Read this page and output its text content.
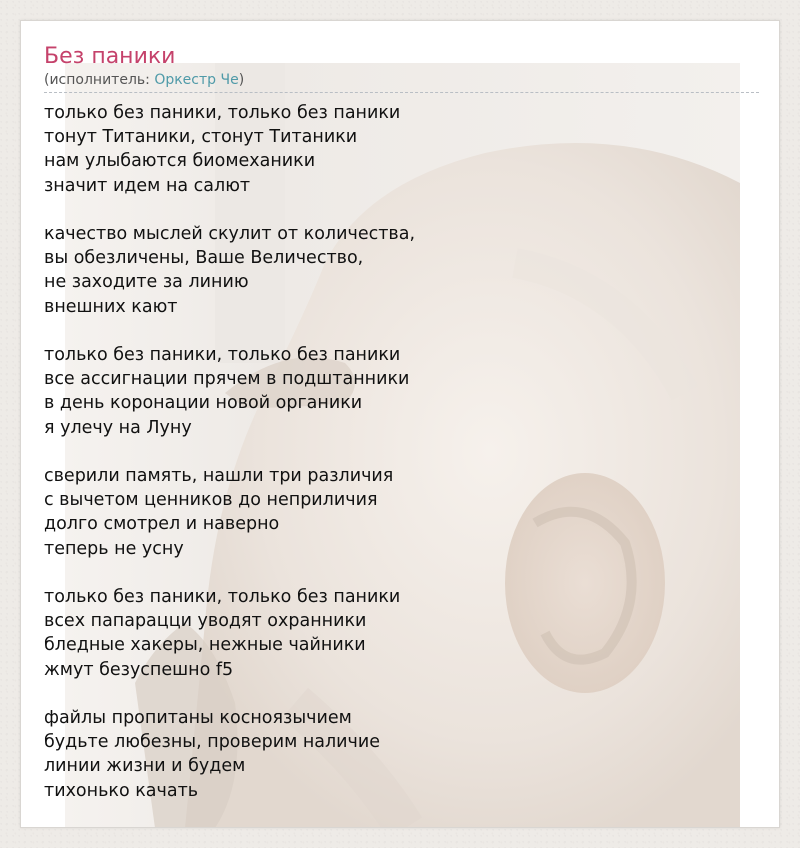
Без паники
(исполнитель: Оркестр Че)

только без паники, только без паники
тонут Титаники, стонут Титаники
нам улыбаются биомеханики
значит идем на салют

качество мыслей скулит от количества,
вы обезличены, Ваше Величество,
не заходите за линию
внешних кают

только без паники, только без паники
все ассигнации прячем в подштанники
в день коронации новой органики
я улечу на Луну

сверили память, нашли три различия
с вычетом ценников до неприличия
долго смотрел и наверно
теперь не усну

только без паники, только без паники
всех папарацци уводят охранники
бледные хакеры, нежные чайники
жмут безуспешно f5

файлы пропитаны косноязычием
будьте любезны, проверим наличие
линии жизни и будем
тихонько качать
